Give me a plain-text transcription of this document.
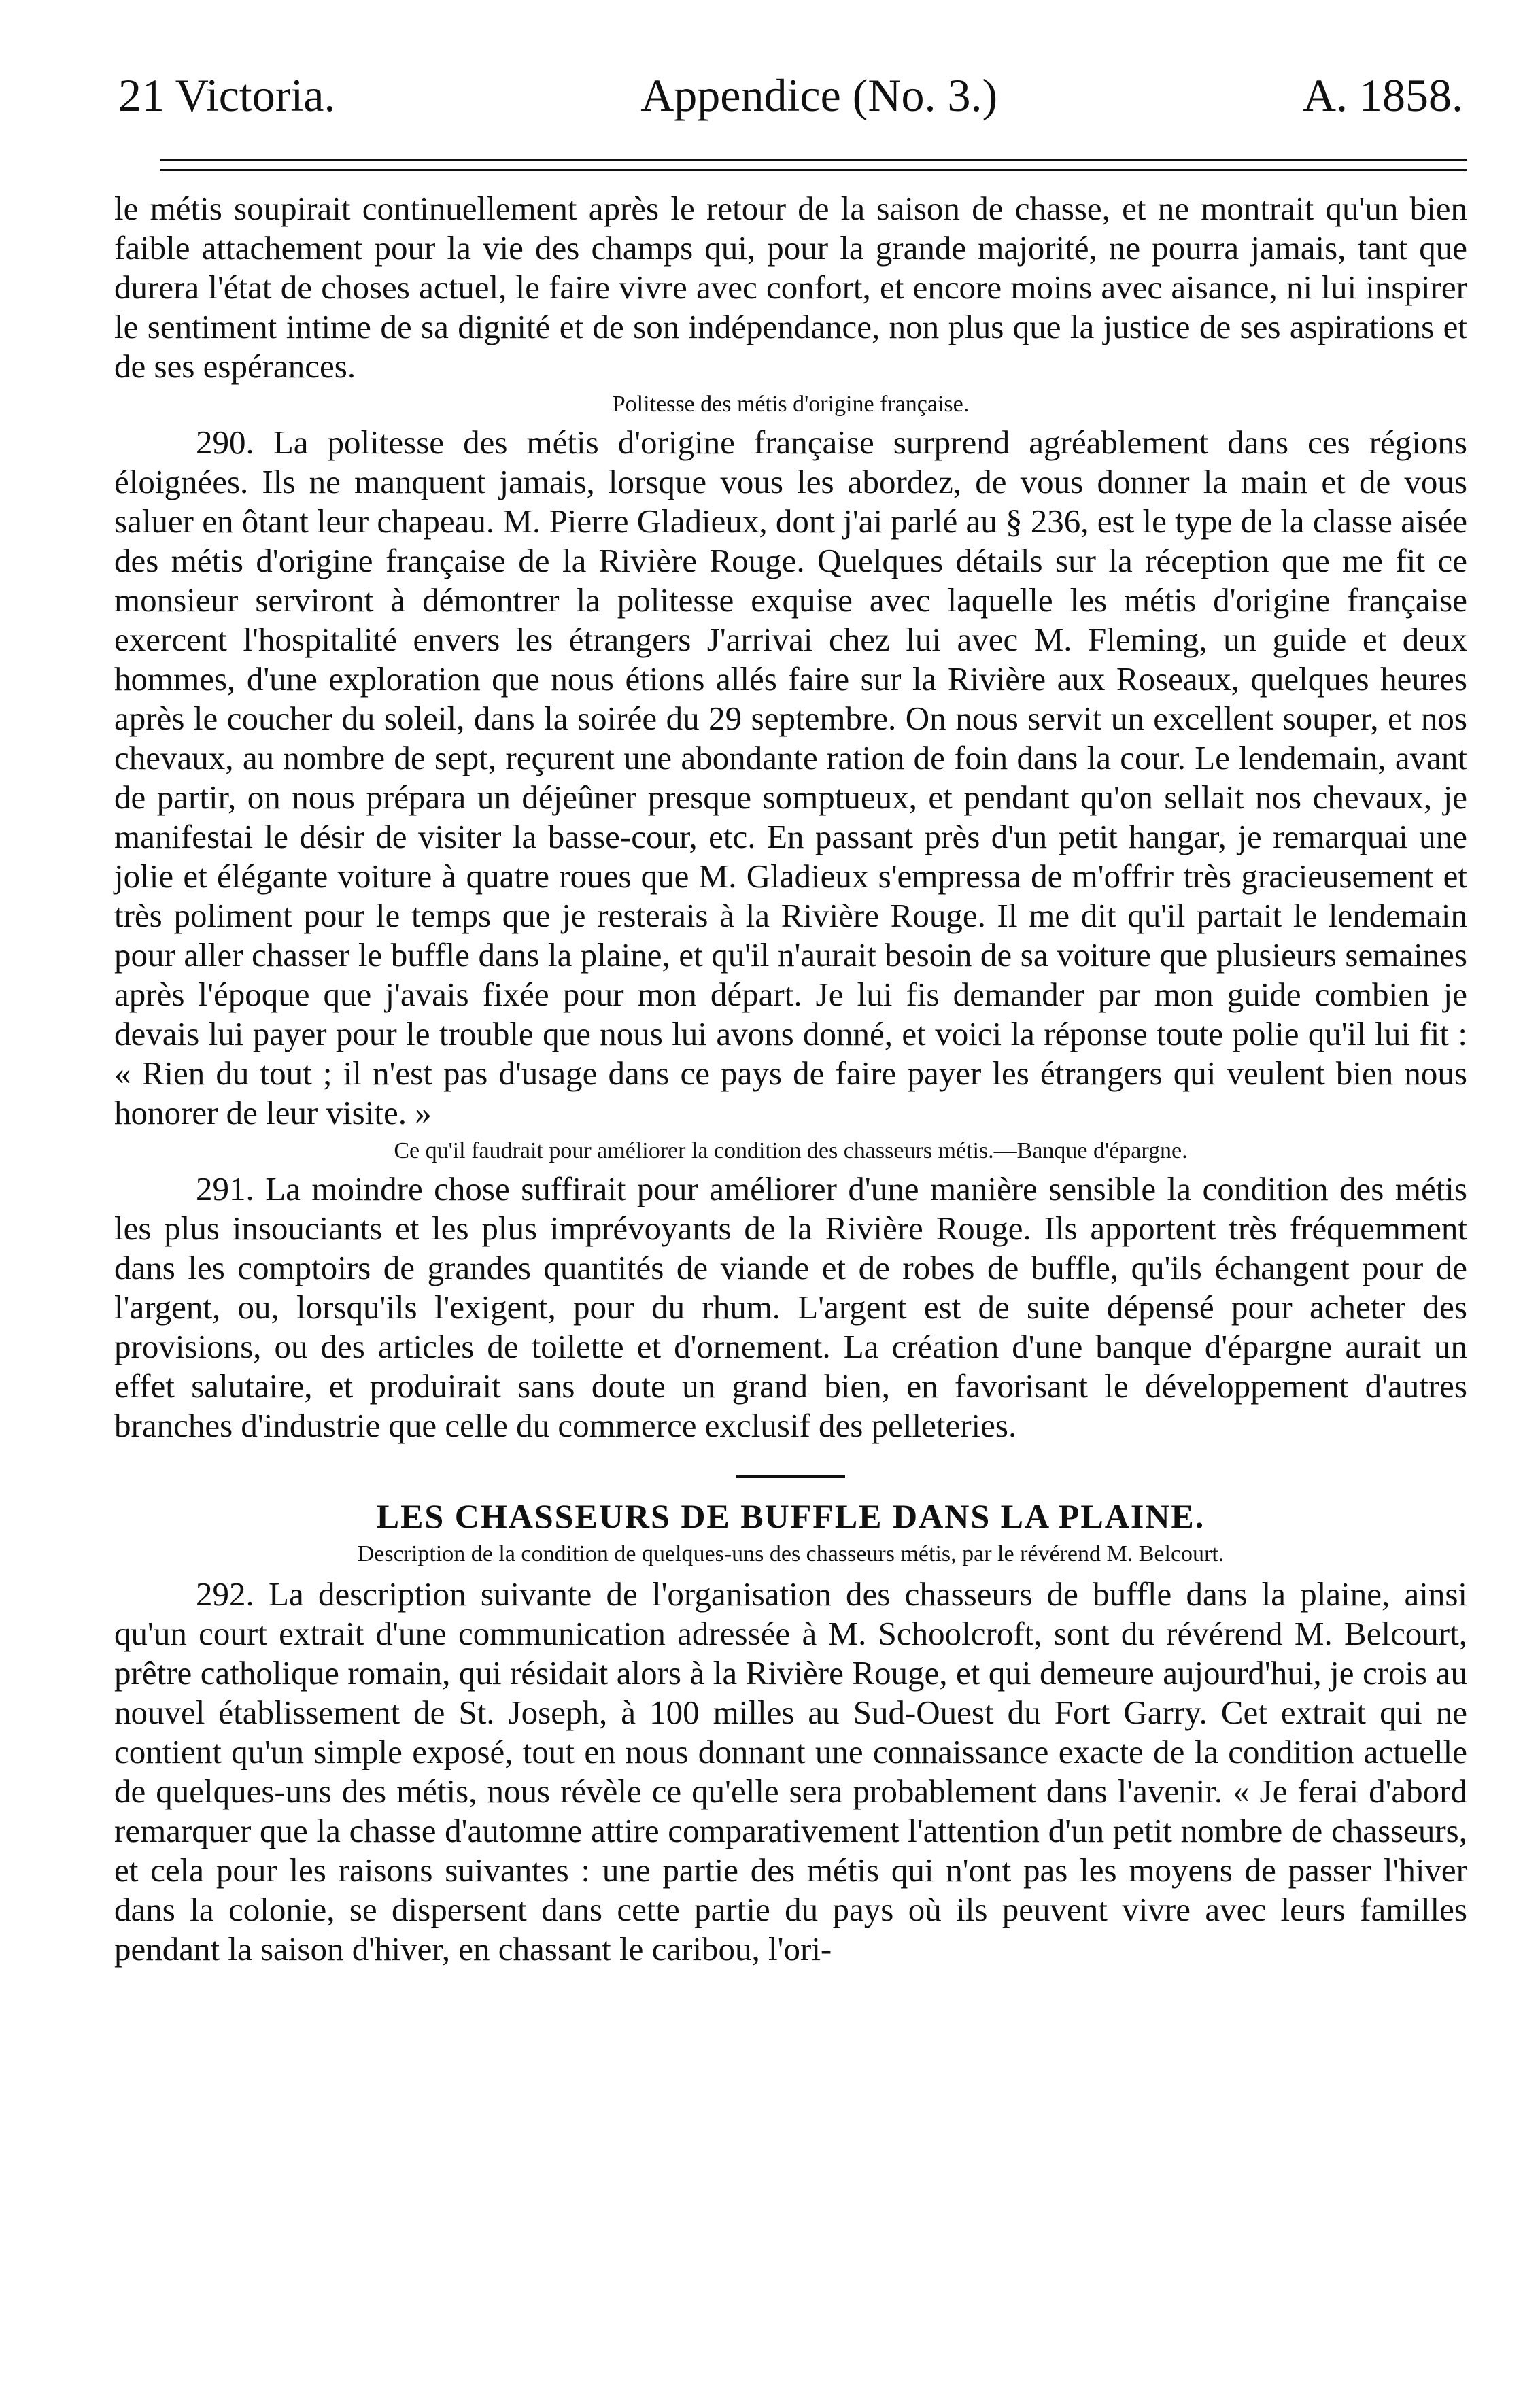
21 Victoria.	Appendice (No. 3.)	A. 1858.

le métis soupirait continuellement après le retour de la saison de chasse, et ne montrait qu'un bien faible attachement pour la vie des champs qui, pour la grande majorité, ne pourra jamais, tant que durera l'état de choses actuel, le faire vivre avec confort, et encore moins avec aisance, ni lui inspirer le sentiment intime de sa dignité et de son indépendance, non plus que la justice de ses aspirations et de ses espérances.

Politesse des métis d'origine française.

290. La politesse des métis d'origine française surprend agréablement dans ces régions éloignées. Ils ne manquent jamais, lorsque vous les abordez, de vous donner la main et de vous saluer en ôtant leur chapeau. M. Pierre Gladieux, dont j'ai parlé au § 236, est le type de la classe aisée des métis d'origine française de la Rivière Rouge. Quelques détails sur la réception que me fit ce monsieur serviront à démontrer la politesse exquise avec laquelle les métis d'origine française exercent l'hospitalité envers les étrangers J'arrivai chez lui avec M. Fleming, un guide et deux hommes, d'une exploration que nous étions allés faire sur la Rivière aux Roseaux, quelques heures après le coucher du soleil, dans la soirée du 29 septembre. On nous servit un excellent souper, et nos chevaux, au nombre de sept, reçurent une abondante ration de foin dans la cour. Le lendemain, avant de partir, on nous prépara un déjeûner presque somptueux, et pendant qu'on sellait nos chevaux, je manifestai le désir de visiter la basse-cour, etc. En passant près d'un petit hangar, je remarquai une jolie et élégante voiture à quatre roues que M. Gladieux s'empressa de m'offrir très gracieusement et très poliment pour le temps que je resterais à la Rivière Rouge. Il me dit qu'il partait le lendemain pour aller chasser le buffle dans la plaine, et qu'il n'aurait besoin de sa voiture que plusieurs semaines après l'époque que j'avais fixée pour mon départ. Je lui fis demander par mon guide combien je devais lui payer pour le trouble que nous lui avons donné, et voici la réponse toute polie qu'il lui fit : « Rien du tout ; il n'est pas d'usage dans ce pays de faire payer les étrangers qui veulent bien nous honorer de leur visite. »

Ce qu'il faudrait pour améliorer la condition des chasseurs métis.—Banque d'épargne.

291. La moindre chose suffirait pour améliorer d'une manière sensible la condition des métis les plus insouciants et les plus imprévoyants de la Rivière Rouge. Ils apportent très fréquemment dans les comptoirs de grandes quantités de viande et de robes de buffle, qu'ils échangent pour de l'argent, ou, lorsqu'ils l'exigent, pour du rhum. L'argent est de suite dépensé pour acheter des provisions, ou des articles de toilette et d'ornement. La création d'une banque d'épargne aurait un effet salutaire, et produirait sans doute un grand bien, en favorisant le développement d'autres branches d'industrie que celle du commerce exclusif des pelleteries.

LES CHASSEURS DE BUFFLE DANS LA PLAINE.

Description de la condition de quelques-uns des chasseurs métis, par le révérend M. Belcourt.

292. La description suivante de l'organisation des chasseurs de buffle dans la plaine, ainsi qu'un court extrait d'une communication adressée à M. Schoolcroft, sont du révérend M. Belcourt, prêtre catholique romain, qui résidait alors à la Rivière Rouge, et qui demeure aujourd'hui, je crois au nouvel établissement de St. Joseph, à 100 milles au Sud-Ouest du Fort Garry. Cet extrait qui ne contient qu'un simple exposé, tout en nous donnant une connaissance exacte de la condition actuelle de quelques-uns des métis, nous révèle ce qu'elle sera probablement dans l'avenir. « Je ferai d'abord remarquer que la chasse d'automne attire comparativement l'attention d'un petit nombre de chasseurs, et cela pour les raisons suivantes : une partie des métis qui n'ont pas les moyens de passer l'hiver dans la colonie, se dispersent dans cette partie du pays où ils peuvent vivre avec leurs familles pendant la saison d'hiver, en chassant le caribou, l'ori-
